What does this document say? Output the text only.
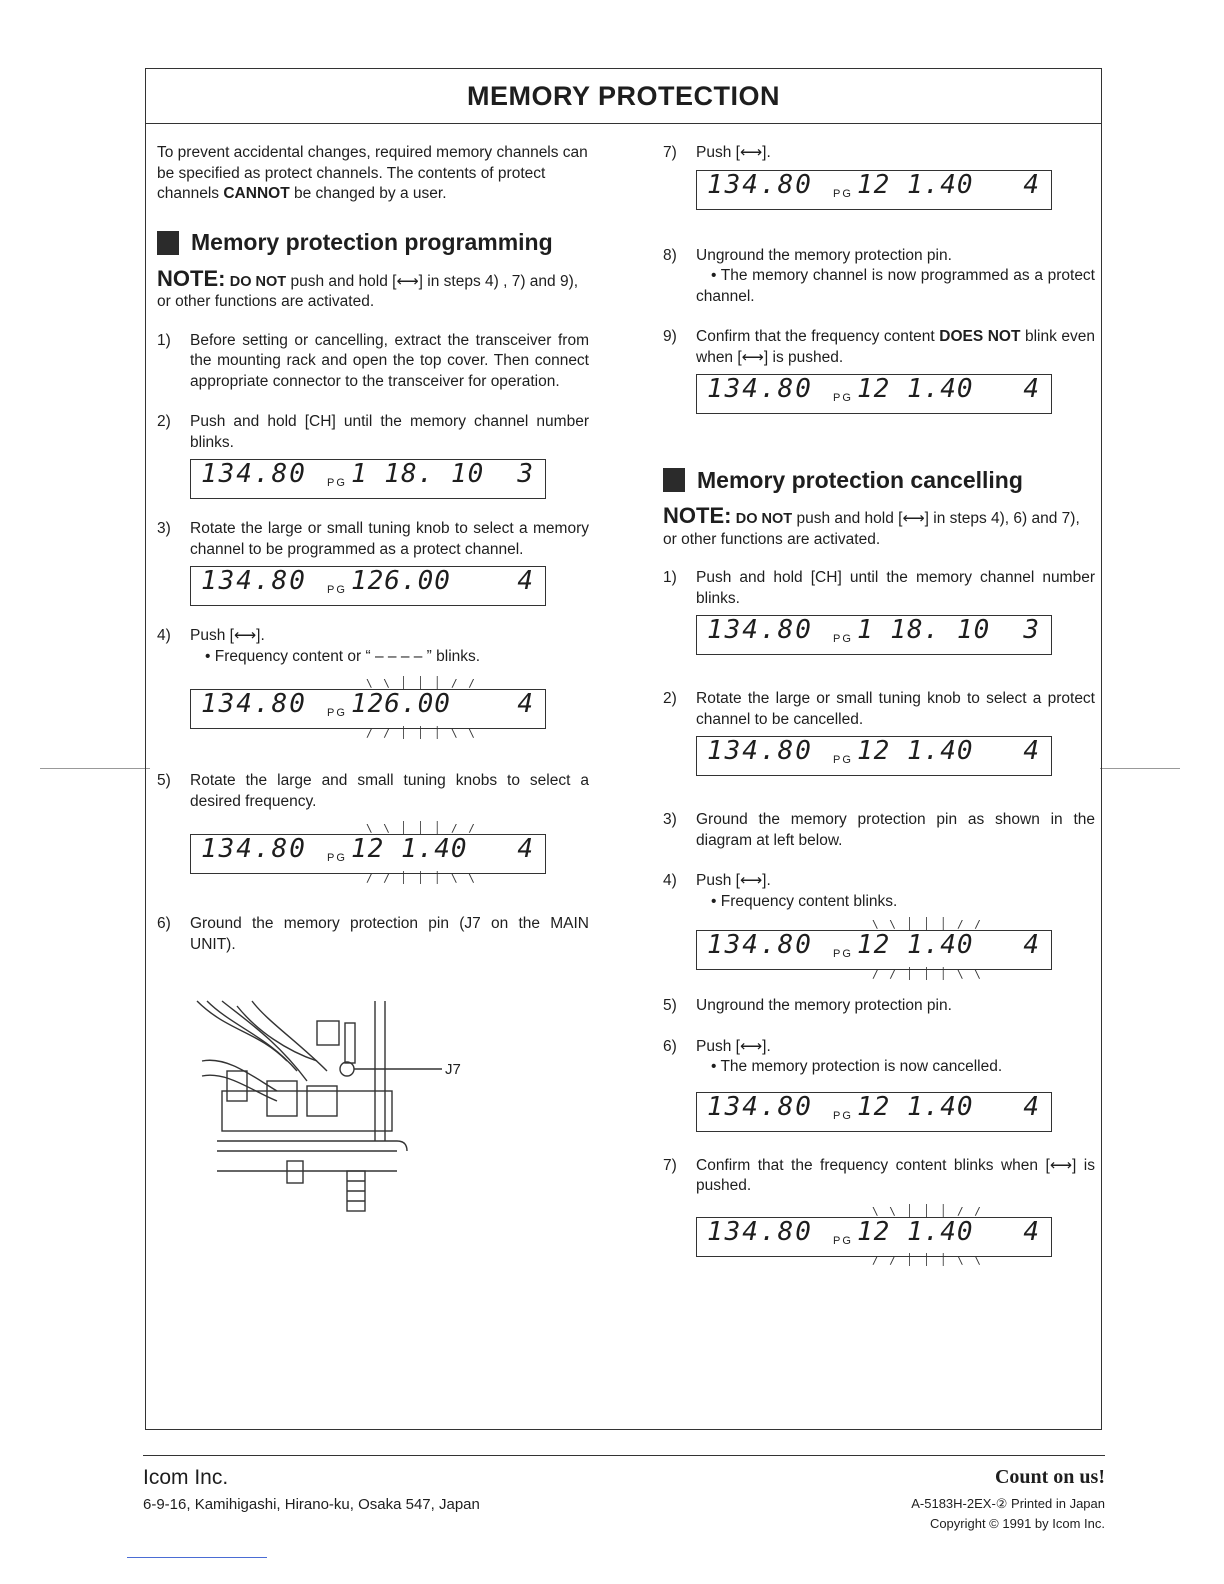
MEMORY PROTECTION

To prevent accidental changes, required memory channels can be specified as protect channels. The contents of protect channels CANNOT be changed by a user.

Memory protection programming

NOTE: DO NOT push and hold [⟷] in steps 4) , 7) and 9), or other functions are activated.

1)	Before setting or cancelling, extract the transceiver from the mounting rack and open the top cover. Then connect appropriate connector to the transceiver for operation.
2)	Push and hold [CH] until the memory channel number blinks.
134.80 PG 1 18. 10 3
3)	Rotate the large or small tuning knob to select a memory channel to be programmed as a protect channel.
134.80 PG 126.00	4
4)	Push [⟷].
• Frequency content or “ – – – – ” blinks.
\ \ ׀ ׀ ׀ / /
134.80 PG 126.00	4
/ / ׀ ׀ ׀ \ \
5)	Rotate the large and small tuning knobs to select a desired frequency.
\ \ ׀ ׀ ׀ / /
134.80 PG 12 1.40 4
/ / ׀ ׀ ׀ \ \
6)	Ground the memory protection pin (J7 on the MAIN UNIT).
J7
7)	Push [⟷].
134.80 PG 12 1.40 4
8)	Unground the memory protection pin.
• The memory channel is now programmed as a protect channel.
9)	Confirm that the frequency content DOES NOT blink even when [⟷] is pushed.
134.80 PG 12 1.40 4
Memory protection cancelling

NOTE: DO NOT push and hold [⟷] in steps 4), 6) and 7), or other functions are activated.

1)	Push and hold [CH] until the memory channel number blinks.
134.80 PG 1 18. 10 3
2)	Rotate the large or small tuning knob to select a protect channel to be cancelled.
134.80 PG 12 1.40 4
3)	Ground the memory protection pin as shown in the diagram at left below.
4)	Push [⟷].
• Frequency content blinks.
\ \ ׀ ׀ ׀ / /
134.80 PG 12 1.40 4
/ / ׀ ׀ ׀ \ \
5)	Unground the memory protection pin.
6)	Push [⟷].
• The memory protection is now cancelled.
134.80 PG 12 1.40 4
7)	Confirm that the frequency content blinks when [⟷] is pushed.
\ \ ׀ ׀ ׀ / /
134.80 PG 12 1.40 4
/ / ׀ ׀ ׀ \ \
Icom Inc.
6-9-16, Kamihigashi, Hirano-ku, Osaka 547, Japan
Count on us!
A-5183H-2EX-② Printed in Japan
Copyright © 1991 by Icom Inc.
